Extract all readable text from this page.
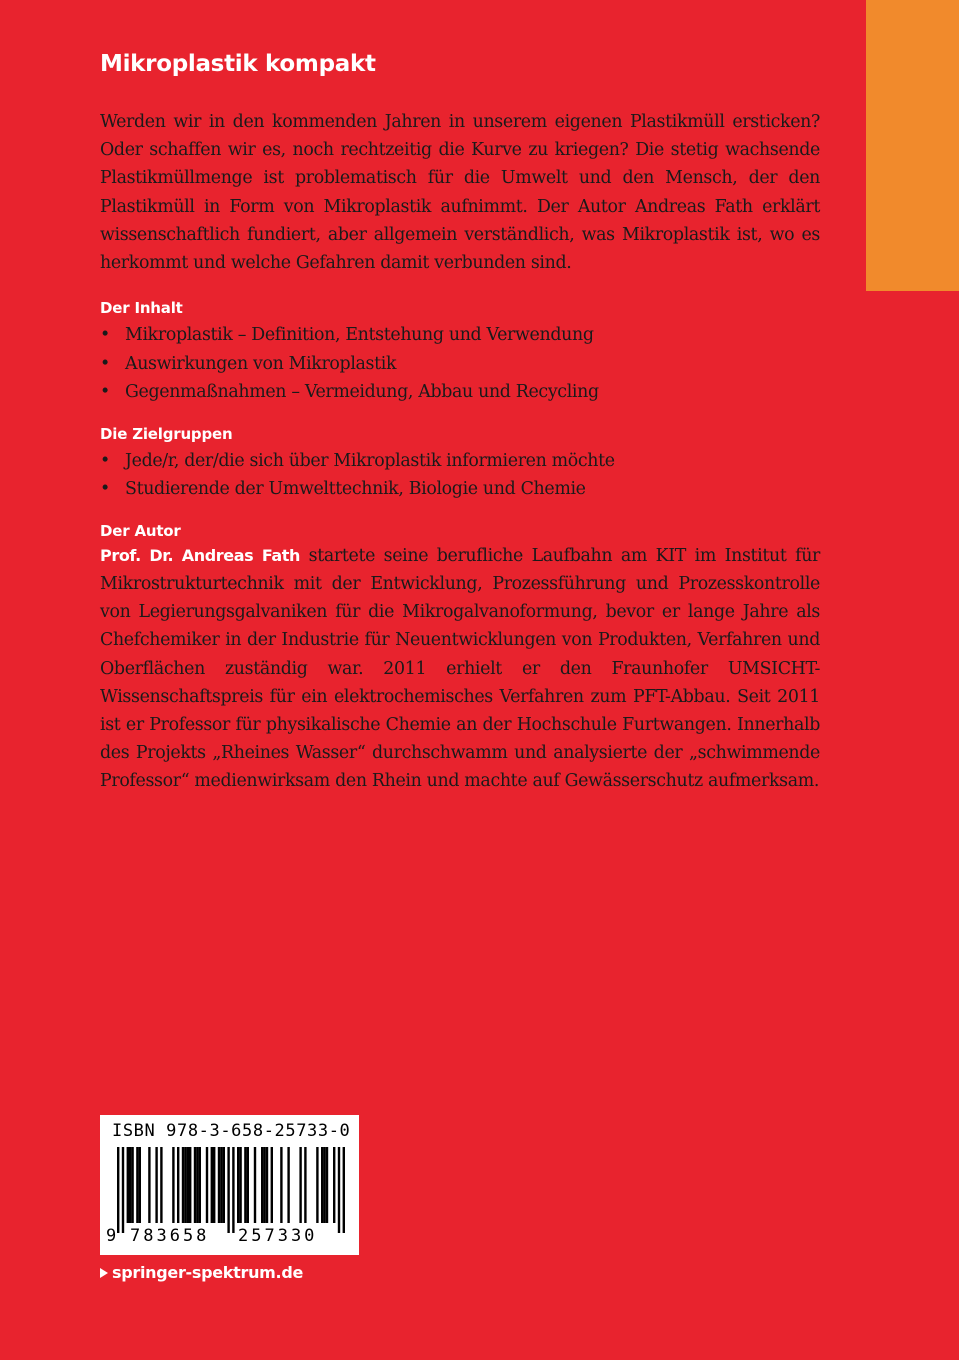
Mikroplastik kompakt

Werden wir in den kommenden Jahren in unserem eigenen Plastikmüll ersticken? Oder schaffen wir es, noch rechtzeitig die Kurve zu kriegen? Die stetig wachsende Plastikmüllmenge ist problematisch für die Umwelt und den Mensch, der den Plastikmüll in Form von Mikroplastik aufnimmt. Der Autor Andreas Fath erklärt wissenschaftlich fundiert, aber allgemein verständlich, was Mikroplastik ist, wo es herkommt und welche Gefahren damit verbunden sind.

Der Inhalt
• Mikroplastik – Definition, Entstehung und Verwendung
• Auswirkungen von Mikroplastik
• Gegenmaßnahmen – Vermeidung, Abbau und Recycling
Die Zielgruppen
• Jede/r, der/die sich über Mikroplastik informieren möchte
• Studierende der Umwelttechnik, Biologie und Chemie
Der Autor

Prof. Dr. Andreas Fath startete seine berufliche Laufbahn am KIT im Institut für Mikrostrukturtechnik mit der Entwicklung, Prozessführung und Prozesskontrolle von Legierungsgalvaniken für die Mikrogalvanoformung, bevor er lange Jahre als Chefchemiker in der Industrie für Neuentwicklungen von Produkten, Verfahren und Oberflächen zuständig war. 2011 erhielt er den Fraunhofer UMSICHT-Wissenschaftspreis für ein elektrochemisches Verfahren zum PFT-Abbau. Seit 2011 ist er Professor für physikalische Chemie an der Hochschule Furtwangen. Innerhalb des Projekts „Rheines Wasser“ durchschwamm und analysierte der „schwimmende Professor“ medienwirksam den Rhein und machte auf Gewässerschutz aufmerksam.

ISBN 978-3-658-25733-0
9 783658 257330
springer-spektrum.de
